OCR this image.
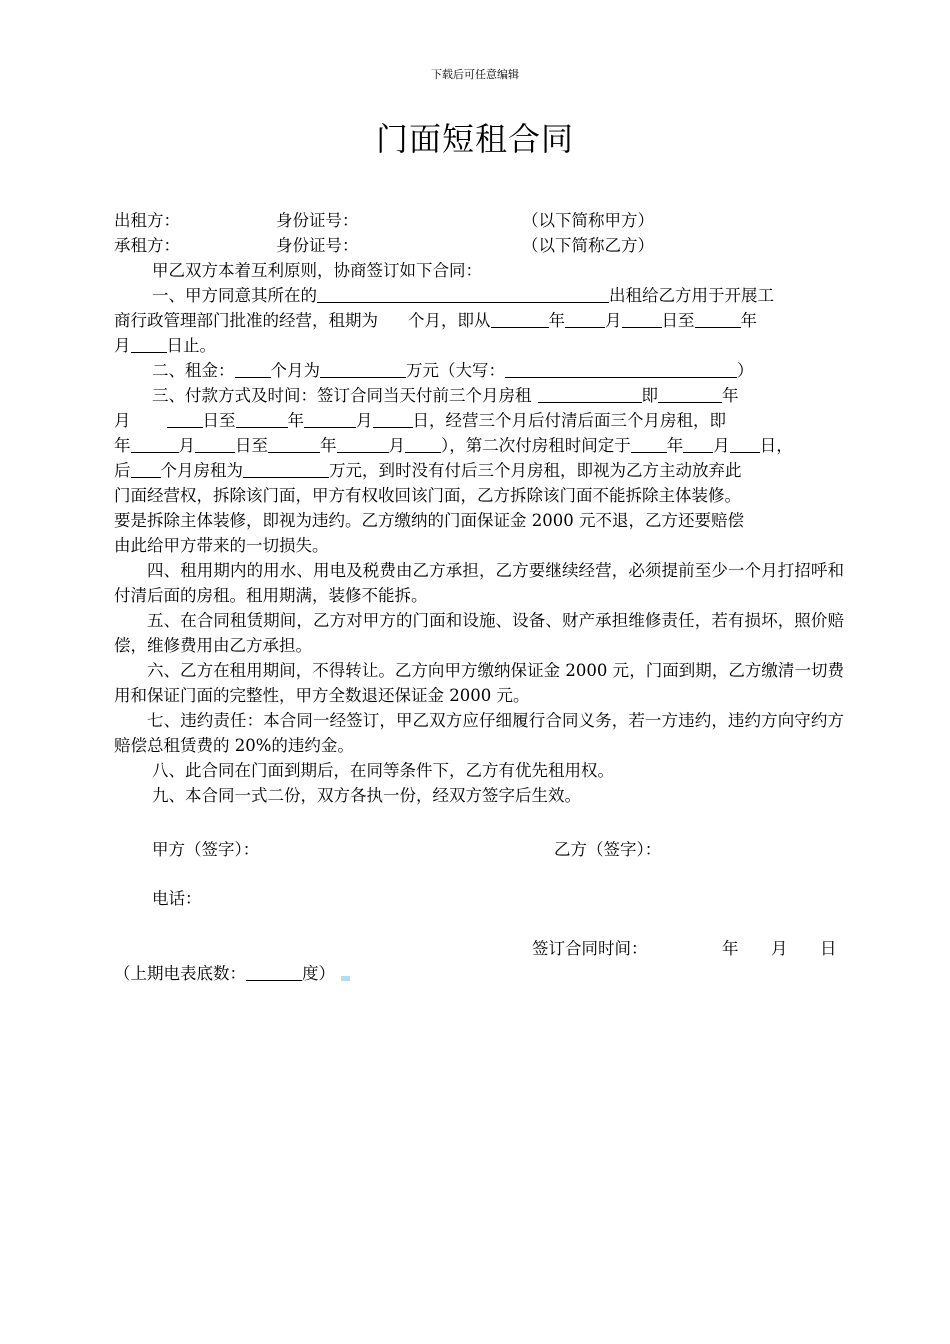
下载后可任意编辑
门面短租合同
出租方：	身份证号：	（以下简称甲方）
承租方：	身份证号：	（以下简称乙方）
甲乙双方本着互利原则，协商签订如下合同：
一、甲方同意其所在的	出租给乙方用于开展工
商行政管理部门批准的经营，租期为 个月，即从	年 月 日至	年
月 日止。
二、租金： 个月为	万元（大写：	）
三、付款方式及时间：签订合同当天付前三个月房租	即	年
月	日至	年	月 日，经营三个月后付清后面三个月房租，即
年	月 日至	年	月 ），第二次付房租时间定于 年 月 日，
后 个月房租为	万元，到时没有付后三个月房租，即视为乙方主动放弃此
门面经营权，拆除该门面，甲方有权收回该门面，乙方拆除该门面不能拆除主体装修。
要是拆除主体装修，即视为违约。乙方缴纳的门面保证金 2000 元不退，乙方还要赔偿
由此给甲方带来的一切损失。
四、租用期内的用水、用电及税费由乙方承担，乙方要继续经营，必须提前至少一个月打招呼和付清后面的房租。租用期满，装修不能拆。
五、在合同租赁期间，乙方对甲方的门面和设施、设备、财产承担维修责任，若有损坏，照价赔偿，维修费用由乙方承担。
六、乙方在租用期间，不得转让。乙方向甲方缴纳保证金 2000 元，门面到期，乙方缴清一切费用和保证门面的完整性，甲方全数退还保证金 2000 元。
七、违约责任：本合同一经签订，甲乙双方应仔细履行合同义务，若一方违约，违约方向守约方赔偿总租赁费的 20%的违约金。
八、此合同在门面到期后，在同等条件下，乙方有优先租用权。
九、本合同一式二份，双方各执一份，经双方签字后生效。
甲方（签字）：	乙方（签字）：
电话：
签订合同时间：	年 月 日
（上期电表底数：	度）
